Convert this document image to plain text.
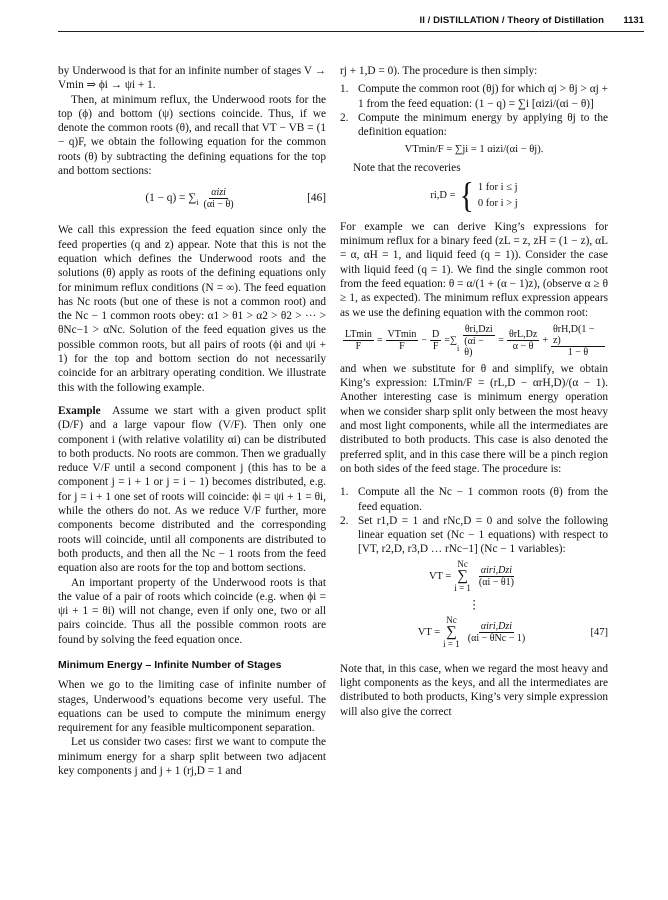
II / DISTILLATION / Theory of Distillation 1131

by Underwood is that for an infinite number of stages V → Vmin ⇒ ϕi → ψi + 1.

Then, at minimum reflux, the Underwood roots for the top (ϕ) and bottom (ψ) sections coincide. Thus, if we denote the common roots (θ), and recall that VT − VB = (1 − q)F, we obtain the following equation for the common roots (θ) by subtracting the defining equations for the top and bottom sections:

(1 − q) = ∑ i $\frac{\text{αizi}}{(\alpha i - \theta)}$	[46]

We call this expression the feed equation since only the feed properties (q and z) appear. Note that this is not the equation which defines the Underwood roots and the solutions (θ) apply as roots of the defining equations only for minimum reflux conditions (N = ∞). The feed equation has Nc roots (but one of these is not a common root) and the Nc − 1 common roots obey: α1 > θ1 > α2 > θ2 > ··· > θNc−1 > αNc. Solution of the feed equation gives us the possible common roots, but all pairs of roots (ϕi and ψi + 1) for the top and bottom section do not necessarily coincide for an arbitrary operating condition. We illustrate this with the following example.

Example Assume we start with a given product split (D/F) and a large vapour flow (V/F). Then only one component i (with relative volatility αi) can be distributed to both products. No roots are common. Then we gradually reduce V/F until a second component j (this has to be a component j = i + 1 or j = i − 1) becomes distributed, e.g. for j = i + 1 one set of roots will coincide: ϕi = ψi + 1 = θi, while the others do not. As we reduce V/F further, more components become distributed and the corresponding roots will coincide, until all components are distributed to both products, and then all the Nc − 1 roots from the feed equation also are roots for the top and bottom sections.

An important property of the Underwood roots is that the value of a pair of roots which coincide (e.g. when ϕi = ψi + 1 = θi) will not change, even if only one, two or all pairs coincide. Thus all the possible common roots are found by solving the feed equation once.

Minimum Energy – Infinite Number of Stages

When we go to the limiting case of infinite number of stages, Underwood’s equations become very useful. The equations can be used to compute the minimum energy requirement for any feasible multicomponent separation.

Let us consider two cases: first we want to compute the minimum energy for a sharp split between two adjacent key components j and j + 1 (rj,D = 1 and

rj + 1,D = 0). The procedure is then simply:

1. Compute the common root (θj) for which αj > θj > αj + 1 from the feed equation: (1 − q) = ∑i [αizi/(αi − θ)]
2. Compute the minimum energy by applying θj to the definition equation:
VTmin/F = ∑ji = 1 αizi/(αi − θj).

Note that the recoveries

ri,D = { 1 for i ≤ j
0 for i > j

For example we can derive King’s expressions for minimum reflux for a binary feed (zL = z, zH = (1 − z), αL = α, αH = 1, and liquid feed (q = 1)). Consider the case with liquid feed (q = 1). We find the single common root from the feed equation: θ = α/(1 + (α − 1)z), (observe α ≥ θ ≥ 1, as expected). The minimum reflux expression appears as we use the defining equation with the common root:

$\frac{LTmin}{F} = \frac{VTmin}{F} - \frac{D}{F}$ =∑
i $\frac{\text{θri,Dzi}}{(\alpha i - \theta)} = \frac{\text{θrL,Dz}}{\alpha - \theta} + \frac{\text{θrH,D(1 − z)}}{1 - \theta}$

and when we substitute for θ and simplify, we obtain King’s expression: LTmin/F = (rL,D − αrH,D)/(α − 1). Another interesting case is minimum energy operation when we consider sharp split only between the most heavy and most light components, while all the intermediates are distributed to both products. This case is also denoted the preferred split, and in this case there will be a pinch region on both sides of the feed stage. The procedure is:

1. Compute all the Nc − 1 common roots (θ) from the feed equation.
2. Set r1,D = 1 and rNc,D = 0 and solve the following linear equation set (Nc − 1 equations) with respect to [VT, r2,D, r3,D … rNc−1] (Nc − 1 variables):
VT =
Nc
∑
$i = 1 \frac{\text{αiri,Dzi}}{(\alpha i - \theta 1)}$
⋮
VT =
Nc
∑
$i = 1 \frac{\text{αiri,Dzi}}{\text{(αi − θNc − 1)}}$	[47]

Note that, in this case, when we regard the most heavy and light components as the keys, and all the intermediates are distributed to both products, King’s very simple expression will also give the correct
